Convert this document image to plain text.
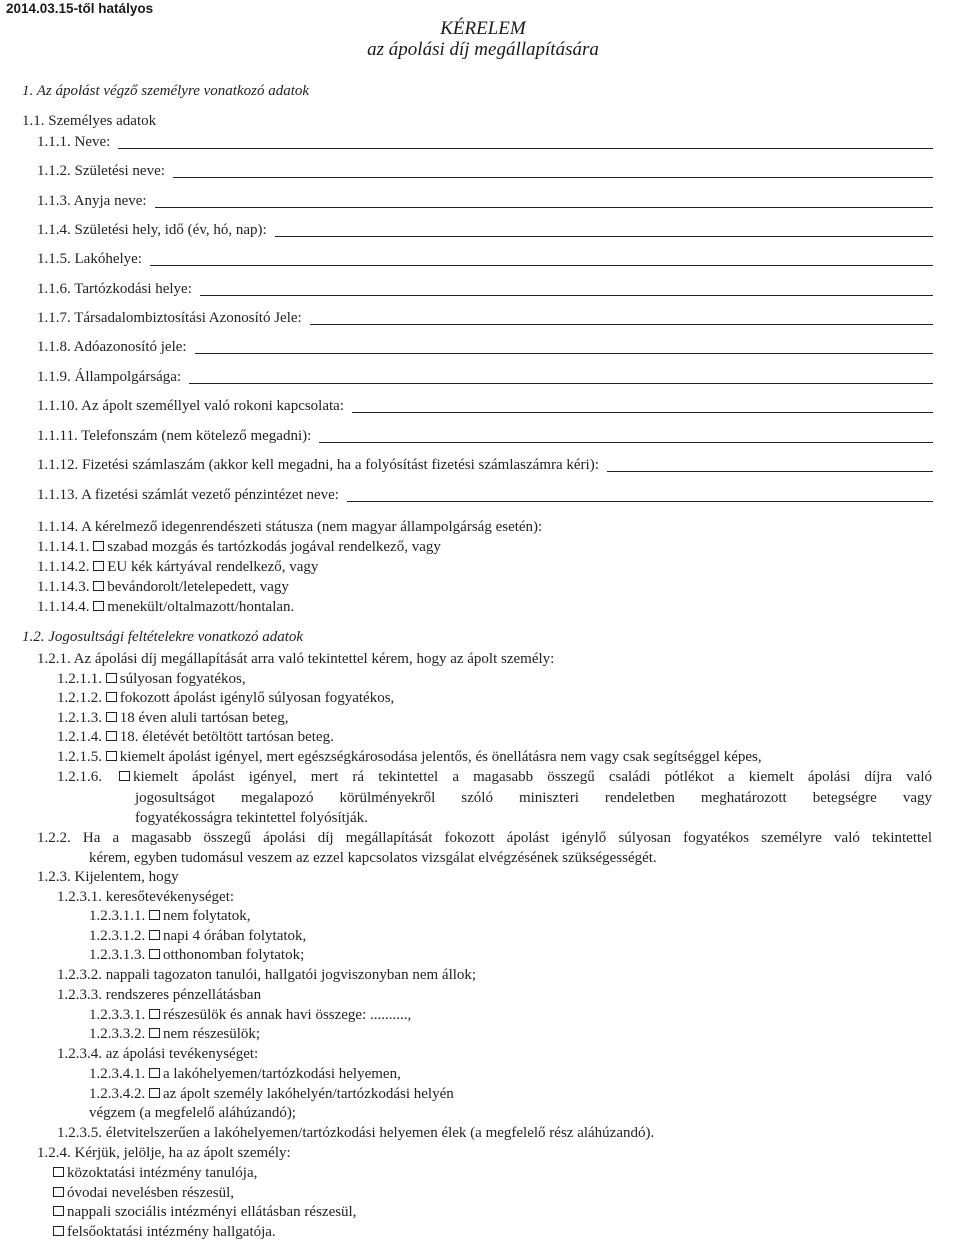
2014.03.15-től hatályos
KÉRELEM
az ápolási díj megállapítására
1. Az ápolást végző személyre vonatkozó adatok
1.1. Személyes adatok
1.1.1. Neve:
1.1.2. Születési neve:
1.1.3. Anyja neve:
1.1.4. Születési hely, idő (év, hó, nap):
1.1.5. Lakóhelye:
1.1.6. Tartózkodási helye:
1.1.7. Társadalombiztosítási Azonosító Jele:
1.1.8. Adóazonosító jele:
1.1.9. Állampolgársága:
1.1.10. Az ápolt személlyel való rokoni kapcsolata:
1.1.11. Telefonszám (nem kötelező megadni):
1.1.12. Fizetési számlaszám (akkor kell megadni, ha a folyósítást fizetési számlaszámra kéri):
1.1.13. A fizetési számlát vezető pénzintézet neve:
1.1.14. A kérelmező idegenrendészeti státusza (nem magyar állampolgárság esetén):
1.1.14.1. szabad mozgás és tartózkodás jogával rendelkező, vagy
1.1.14.2. EU kék kártyával rendelkező, vagy
1.1.14.3. bevándorolt/letelepedett, vagy
1.1.14.4. menekült/oltalmazott/hontalan.
1.2. Jogosultsági feltételekre vonatkozó adatok
1.2.1. Az ápolási díj megállapítását arra való tekintettel kérem, hogy az ápolt személy:
1.2.1.1. súlyosan fogyatékos,
1.2.1.2. fokozott ápolást igénylő súlyosan fogyatékos,
1.2.1.3. 18 éven aluli tartósan beteg,
1.2.1.4. 18. életévét betöltött tartósan beteg.
1.2.1.5. kiemelt ápolást igényel, mert egészségkárosodása jelentős, és önellátásra nem vagy csak segítséggel képes,
1.2.1.6.	kiemelt ápolást igényel, mert rá tekintettel a magasabb összegű családi pótlékot a kiemelt ápolási díjra való
jogosultságot megalapozó körülményekről szóló miniszteri rendeletben meghatározott betegségre vagy
fogyatékosságra tekintettel folyósítják.
1.2.2. Ha a magasabb összegű ápolási díj megállapítását fokozott ápolást igénylő súlyosan fogyatékos személyre való tekintettel
kérem, egyben tudomásul veszem az ezzel kapcsolatos vizsgálat elvégzésének szükségességét.
1.2.3. Kijelentem, hogy
1.2.3.1. keresőtevékenységet:
1.2.3.1.1. nem folytatok,
1.2.3.1.2. napi 4 órában folytatok,
1.2.3.1.3. otthonomban folytatok;
1.2.3.2. nappali tagozaton tanulói, hallgatói jogviszonyban nem állok;
1.2.3.3. rendszeres pénzellátásban
1.2.3.3.1. részesülök és annak havi összege: ..........,
1.2.3.3.2. nem részesülök;
1.2.3.4. az ápolási tevékenységet:
1.2.3.4.1. a lakóhelyemen/tartózkodási helyemen,
1.2.3.4.2. az ápolt személy lakóhelyén/tartózkodási helyén
végzem (a megfelelő aláhúzandó);
1.2.3.5. életvitelszerűen a lakóhelyemen/tartózkodási helyemen élek (a megfelelő rész aláhúzandó).
1.2.4. Kérjük, jelölje, ha az ápolt személy:
közoktatási intézmény tanulója,
óvodai nevelésben részesül,
nappali szociális intézményi ellátásban részesül,
felsőoktatási intézmény hallgatója.
